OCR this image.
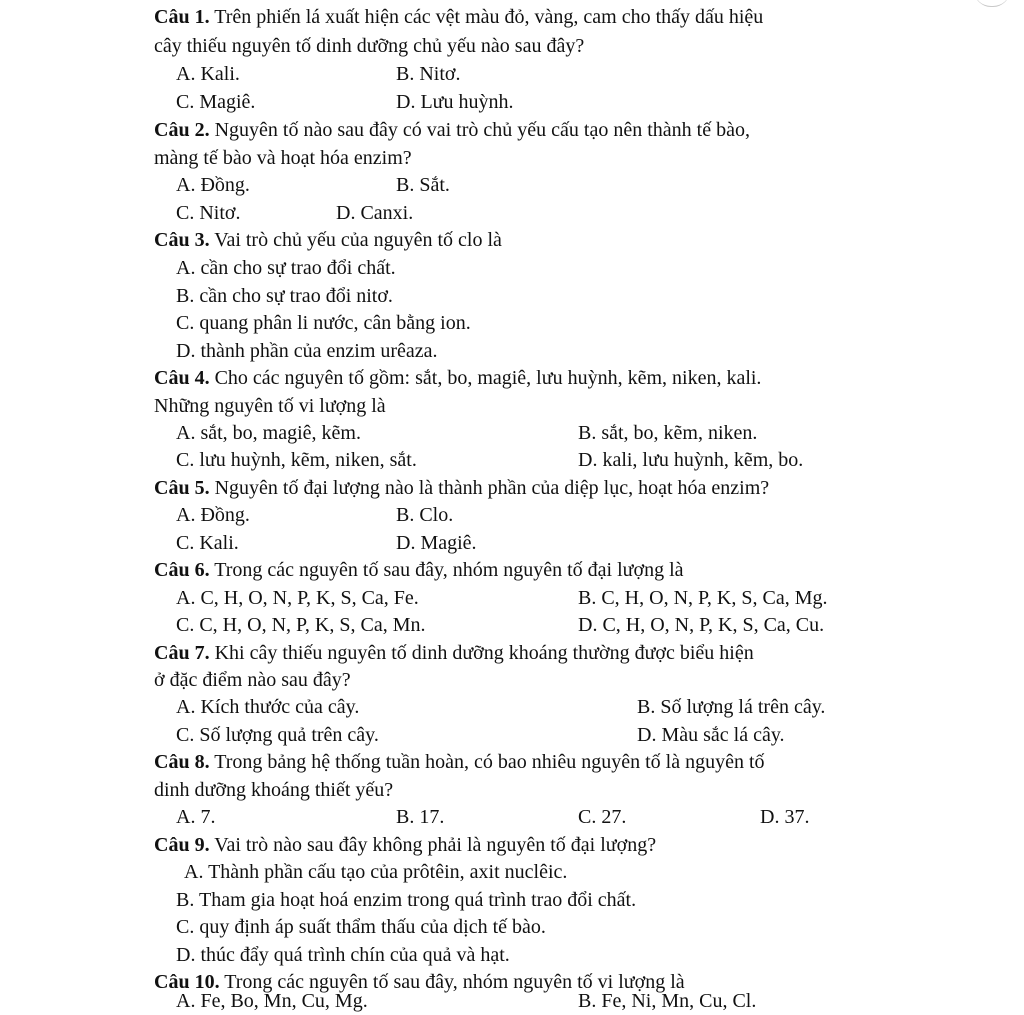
Câu 1. Trên phiến lá xuất hiện các vệt màu đỏ, vàng, cam cho thấy dấu hiệu
cây thiếu nguyên tố dinh dưỡng chủ yếu nào sau đây?
A. Kali.	B. Nitơ.
C. Magiê.	D. Lưu huỳnh.
Câu 2. Nguyên tố nào sau đây có vai trò chủ yếu cấu tạo nên thành tế bào,
màng tế bào và hoạt hóa enzim?
A. Đồng.	B. Sắt.
C. Nitơ.	D. Canxi.
Câu 3. Vai trò chủ yếu của nguyên tố clo là
A. cần cho sự trao đổi chất.
B. cần cho sự trao đổi nitơ.
C. quang phân li nước, cân bằng ion.
D. thành phần của enzim urêaza.
Câu 4. Cho các nguyên tố gồm: sắt, bo, magiê, lưu huỳnh, kẽm, niken, kali.
Những nguyên tố vi lượng là
A. sắt, bo, magiê, kẽm.	B. sắt, bo, kẽm, niken.
C. lưu huỳnh, kẽm, niken, sắt.	D. kali, lưu huỳnh, kẽm, bo.
Câu 5. Nguyên tố đại lượng nào là thành phần của diệp lục, hoạt hóa enzim?
A. Đồng.	B. Clo.
C. Kali.	D. Magiê.
Câu 6. Trong các nguyên tố sau đây, nhóm nguyên tố đại lượng là
A. C, H, O, N, P, K, S, Ca, Fe.	B. C, H, O, N, P, K, S, Ca, Mg.
C. C, H, O, N, P, K, S, Ca, Mn.	D. C, H, O, N, P, K, S, Ca, Cu.
Câu 7. Khi cây thiếu nguyên tố dinh dưỡng khoáng thường được biểu hiện
ở đặc điểm nào sau đây?
A. Kích thước của cây.	B. Số lượng lá trên cây.
C. Số lượng quả trên cây.	D. Màu sắc lá cây.
Câu 8. Trong bảng hệ thống tuần hoàn, có bao nhiêu nguyên tố là nguyên tố
dinh dưỡng khoáng thiết yếu?
A. 7.	B. 17.	C. 27.	D. 37.
Câu 9. Vai trò nào sau đây không phải là nguyên tố đại lượng?
A. Thành phần cấu tạo của prôtêin, axit nuclêic.
B. Tham gia hoạt hoá enzim trong quá trình trao đổi chất.
C. quy định áp suất thẩm thấu của dịch tế bào.
D. thúc đẩy quá trình chín của quả và hạt.
Câu 10. Trong các nguyên tố sau đây, nhóm nguyên tố vi lượng là
A. Fe, Bo, Mn, Cu, Mg.	B. Fe, Ni, Mn, Cu, Cl.
